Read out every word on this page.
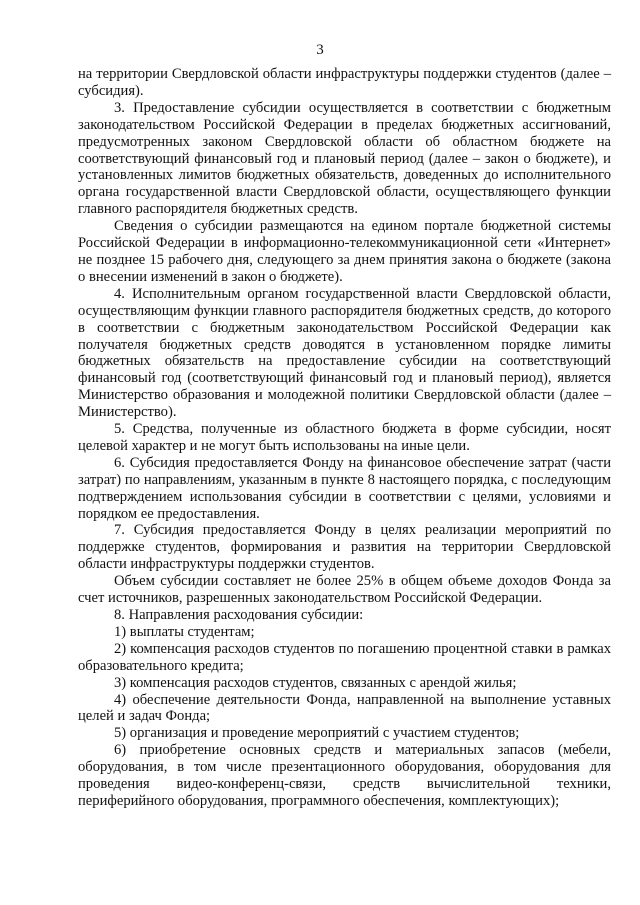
3

на территории Свердловской области инфраструктуры поддержки студентов (далее – субсидия).

3. Предоставление субсидии осуществляется в соответствии с бюджетным законодательством Российской Федерации в пределах бюджетных ассигнований, предусмотренных законом Свердловской области об областном бюджете на соответствующий финансовый год и плановый период (далее – закон о бюджете), и установленных лимитов бюджетных обязательств, доведенных до исполнительного органа государственной власти Свердловской области, осуществляющего функции главного распорядителя бюджетных средств.

Сведения о субсидии размещаются на едином портале бюджетной системы Российской Федерации в информационно-телекоммуникационной сети «Интернет» не позднее 15 рабочего дня, следующего за днем принятия закона о бюджете (закона о внесении изменений в закон о бюджете).

4. Исполнительным органом государственной власти Свердловской области, осуществляющим функции главного распорядителя бюджетных средств, до которого в соответствии с бюджетным законодательством Российской Федерации как получателя бюджетных средств доводятся в установленном порядке лимиты бюджетных обязательств на предоставление субсидии на соответствующий финансовый год (соответствующий финансовый год и плановый период), является Министерство образования и молодежной политики Свердловской области (далее – Министерство).

5. Средства, полученные из областного бюджета в форме субсидии, носят целевой характер и не могут быть использованы на иные цели.

6. Субсидия предоставляется Фонду на финансовое обеспечение затрат (части затрат) по направлениям, указанным в пункте 8 настоящего порядка, с последующим подтверждением использования субсидии в соответствии с целями, условиями и порядком ее предоставления.

7. Субсидия предоставляется Фонду в целях реализации мероприятий по поддержке студентов, формирования и развития на территории Свердловской области инфраструктуры поддержки студентов.

Объем субсидии составляет не более 25% в общем объеме доходов Фонда за счет источников, разрешенных законодательством Российской Федерации.

8. Направления расходования субсидии:

1) выплаты студентам;

2) компенсация расходов студентов по погашению процентной ставки в рамках образовательного кредита;

3) компенсация расходов студентов, связанных с арендой жилья;

4) обеспечение деятельности Фонда, направленной на выполнение уставных целей и задач Фонда;

5) организация и проведение мероприятий с участием студентов;

6) приобретение основных средств и материальных запасов (мебели, оборудования, в том числе презентационного оборудования, оборудования для проведения видео-конференц-связи, средств вычислительной техники, периферийного оборудования, программного обеспечения, комплектующих);
